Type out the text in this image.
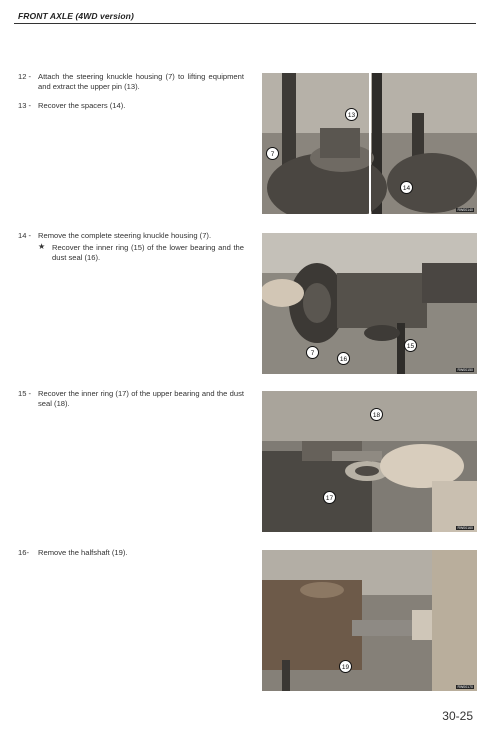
FRONT AXLE (4WD version)
12 - Attach the steering knuckle housing (7) to lifting equipment and extract the upper pin (13).
13 - Recover the spacers (14).
13
7
14
RW00140
14 - Remove the complete steering knuckle housing (7).
★ Recover the inner ring (15) of the lower bearing and the dust seal (16).
7
16
15
RW00150
15 - Recover the inner ring (17) of the upper bearing and the dust seal (18).
18
17
RW00160
16-	Remove the halfshaft (19).
19
RW00170
30-25
